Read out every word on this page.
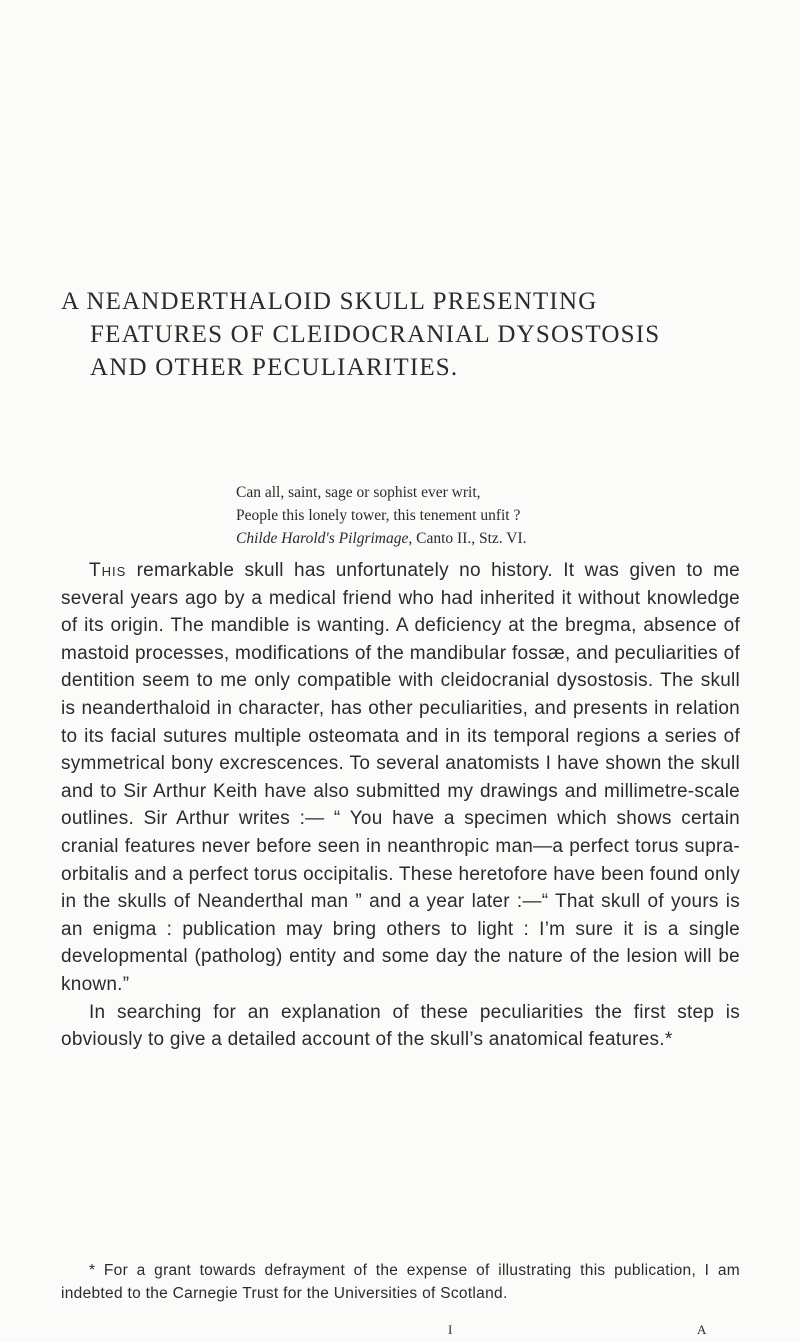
A NEANDERTHALOID SKULL PRESENTING
FEATURES OF CLEIDOCRANIAL DYSOSTOSIS
AND OTHER PECULIARITIES.
Can all, saint, sage or sophist ever writ,
People this lonely tower, this tenement unfit ?
Childe Harold's Pilgrimage, Canto II., Stz. VI.

This remarkable skull has unfortunately no history. It was given to me several years ago by a medical friend who had inherited it without knowledge of its origin. The mandible is wanting. A deficiency at the bregma, absence of mastoid processes, modifications of the mandibular fossæ, and peculiarities of dentition seem to me only compatible with cleidocranial dysostosis. The skull is neanderthaloid in character, has other peculiarities, and presents in relation to its facial sutures multiple osteomata and in its temporal regions a series of symmetrical bony excrescences. To several anatomists I have shown the skull and to Sir Arthur Keith have also submitted my drawings and millimetre-scale outlines. Sir Arthur writes :— “ You have a specimen which shows certain cranial features never before seen in neanthropic man—a perfect torus supra-orbitalis and a perfect torus occipitalis. These heretofore have been found only in the skulls of Neanderthal man ” and a year later :—“ That skull of yours is an enigma : publication may bring others to light : I’m sure it is a single developmental (patholog) entity and some day the nature of the lesion will be known.”

In searching for an explanation of these peculiarities the first step is obviously to give a detailed account of the skull’s anatomical features.*

* For a grant towards defrayment of the expense of illustrating this publication, I am indebted to the Carnegie Trust for the Universities of Scotland.

I	A
